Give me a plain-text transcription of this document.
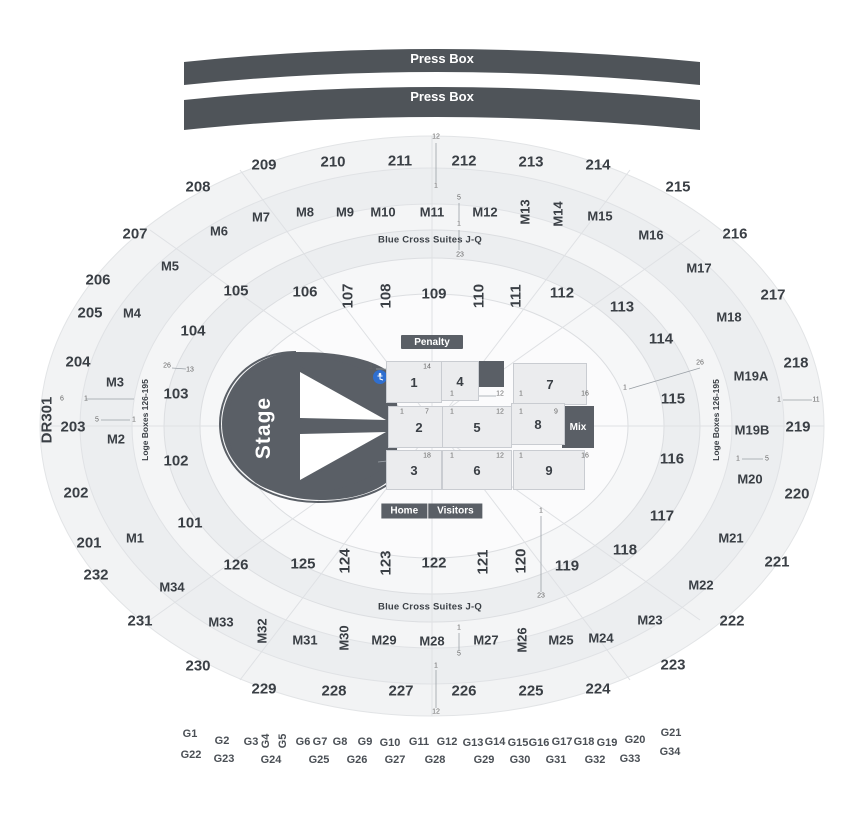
Press Box
Press Box
Stage
SLGA
Pit 1
SRGA
Pit 2
Mix
Penalty
Home	Visitors
Blue Cross Suites J-Q
Blue Cross Suites J-Q
Loge Boxes 126-195	Loge Boxes 126-195
1	4	7
2	5	8
3	6	9
209	210	211	212	213	214
208	215
207	216
206
217
205
204	218
203	219
202	220
201
221
232
222
231
230	223
229	228	227	226	225	224
DR301
105	106 107 108 109 110 111 112
113
114
104
103
102
101
115
116
117
118
119
120
121
122
123
124
125
126
M6
M7 M8 M9 M10 M11 M12 M13 M14 M15
M16
M17
M18
M5
M4
M3
M2
M1
M19A
M19B
M20
M21
M22
M23
M24
M25
M26
M27
M28
M29
M30
M31
M32
M33
M34
G1
G22
G2
G23
G3 G4 G5
G24
G6 G7 G8 G9
G25 G26
G10 G11 G12
G27 G28
G13 G14 G15 G16
G29 G30
G17 G18 G19
G31 G32
G20
G33
G21
G34
12
1
5
1
23
26
13
6	1
5	1
26
1
1	11
1	5
1	14
1	7
1	12
1	12
1	16
1	9
18	1	12 1	16
1
23
1
12
5
1
